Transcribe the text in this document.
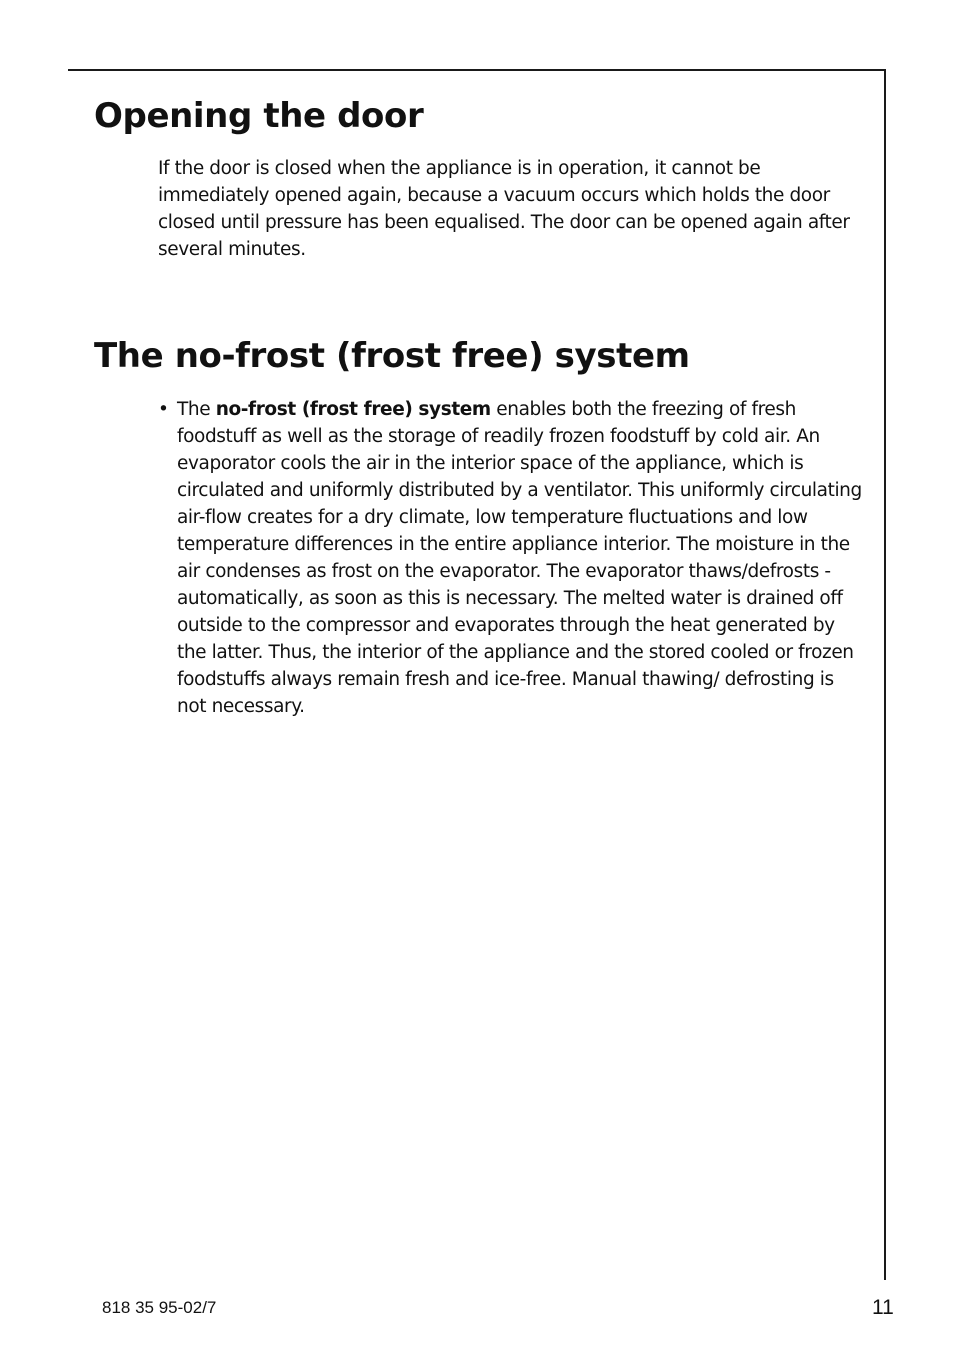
Opening the door

If the door is closed when the appliance is in operation, it cannot be immediately opened again, because a vacuum occurs which holds the door closed until pressure has been equalised. The door can be opened again after several minutes.

The no-frost (frost free) system
• The no-frost (frost free) system enables both the freezing of fresh foodstuff as well as the storage of readily frozen foodstuff by cold air. An evaporator cools the air in the interior space of the appliance, which is circulated and uniformly distributed by a ventilator. This uniformly circulating air-flow creates for a dry climate, low temperature fluctuations and low temperature differences in the entire appliance interior. The moisture in the air condenses as frost on the evaporator. The evaporator thaws/defrosts -automatically, as soon as this is necessary. The melted water is drained off outside to the compressor and evaporates through the heat generated by the latter. Thus, the interior of the appliance and the stored cooled or frozen foodstuffs always remain fresh and ice-free. Manual thawing/ defrosting is not necessary.

818 35 95-02/7	11
